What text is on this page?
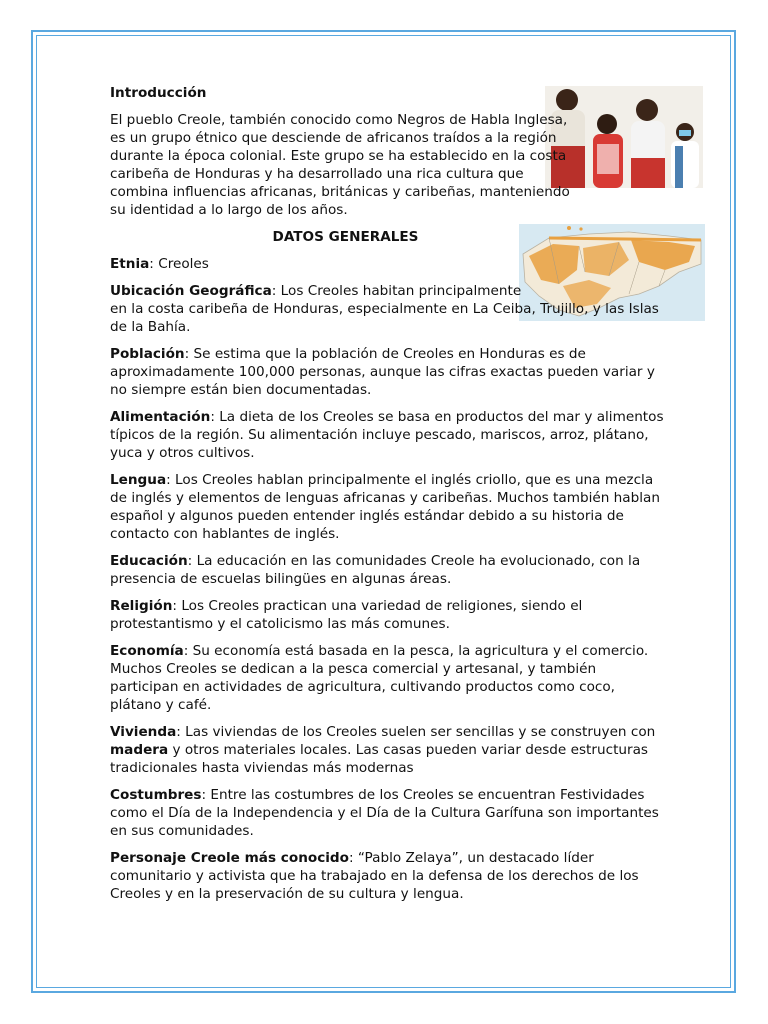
Introducción

El pueblo Creole, también conocido como Negros de Habla Inglesa, es un grupo étnico que desciende de africanos traídos a la región durante la época colonial. Este grupo se ha establecido en la costa caribeña de Honduras y ha desarrollado una rica cultura que combina influencias africanas, británicas y caribeñas, manteniendo su identidad a lo largo de los años.

DATOS GENERALES

Etnia: Creoles

Ubicación Geográfica: Los Creoles habitan principalmente en la costa caribeña de Honduras, especialmente en La Ceiba, Trujillo, y las Islas de la Bahía.

Población: Se estima que la población de Creoles en Honduras es de aproximadamente 100,000 personas, aunque las cifras exactas pueden variar y no siempre están bien documentadas.

Alimentación: La dieta de los Creoles se basa en productos del mar y alimentos típicos de la región. Su alimentación incluye pescado, mariscos, arroz, plátano, yuca y otros cultivos.

Lengua: Los Creoles hablan principalmente el inglés criollo, que es una mezcla de inglés y elementos de lenguas africanas y caribeñas. Muchos también hablan español y algunos pueden entender inglés estándar debido a su historia de contacto con hablantes de inglés.

Educación: La educación en las comunidades Creole ha evolucionado, con la presencia de escuelas bilingües en algunas áreas.

Religión: Los Creoles practican una variedad de religiones, siendo el protestantismo y el catolicismo las más comunes.

Economía: Su economía está basada en la pesca, la agricultura y el comercio. Muchos Creoles se dedican a la pesca comercial y artesanal, y también participan en actividades de agricultura, cultivando productos como coco, plátano y café.

Vivienda: Las viviendas de los Creoles suelen ser sencillas y se construyen con madera y otros materiales locales. Las casas pueden variar desde estructuras tradicionales hasta viviendas más modernas

Costumbres: Entre las costumbres de los Creoles se encuentran Festividades como el Día de la Independencia y el Día de la Cultura Garífuna son importantes en sus comunidades.

Personaje Creole más conocido: “Pablo Zelaya”, un destacado líder comunitario y activista que ha trabajado en la defensa de los derechos de los Creoles y en la preservación de su cultura y lengua.
